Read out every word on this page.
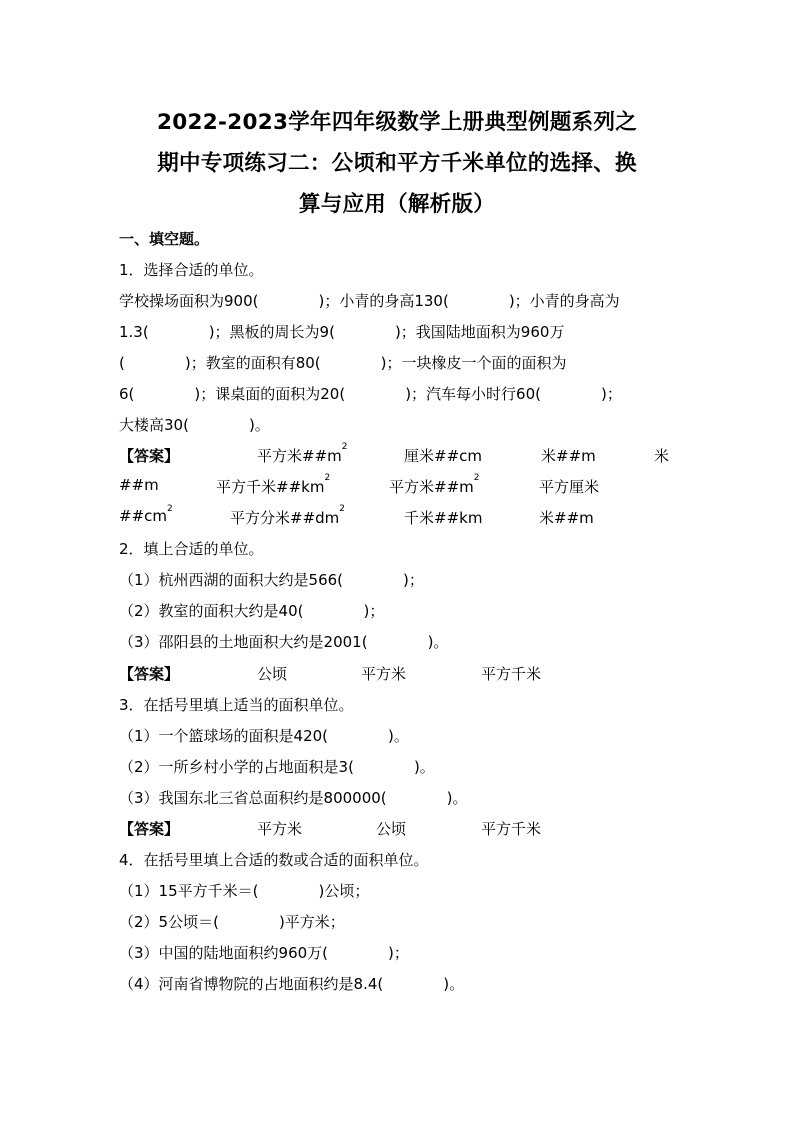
2022-2023学年四年级数学上册典型例题系列之
期中专项练习二：公顷和平方千米单位的选择、换
算与应用（解析版）
一、填空题。
1．选择合适的单位。
学校操场面积为900(　　　　)；小青的身高130(　　　　)；小青的身高为
1.3(　　　　)；黑板的周长为9(　　　　)；我国陆地面积为960万
(　　　　)；教室的面积有80(　　　　)；一块橡皮一个面的面积为
6(　　　　)；课桌面的面积为20(　　　　)；汽车每小时行60(　　　　)；
大楼高30(　　　　)。
【答案】	平方米$\#\#m^2$	厘米##cm	米##m	米
##m	平方千米$\#\#km^2$	平方米$\#\#m^2$	平方厘米
$\#\#cm^2$	平方分米$\#\#dm^2$	千米##km	米##m
2．填上合适的单位。
（1）杭州西湖的面积大约是566(　　　　)；
（2）教室的面积大约是40(　　　　)；
（3）邵阳县的土地面积大约是2001(　　　　)。
【答案】	公顷	平方米	平方千米
3．在括号里填上适当的面积单位。
（1）一个篮球场的面积是420(　　　　)。
（2）一所乡村小学的占地面积是3(　　　　)。
（3）我国东北三省总面积约是800000(　　　　)。
【答案】	平方米	公顷	平方千米
4．在括号里填上合适的数或合适的面积单位。
（1）15平方千米＝(　　　　)公顷；
（2）5公顷＝(　　　　)平方米；
（3）中国的陆地面积约960万(　　　　)；
（4）河南省博物院的占地面积约是8.4(　　　　)。
